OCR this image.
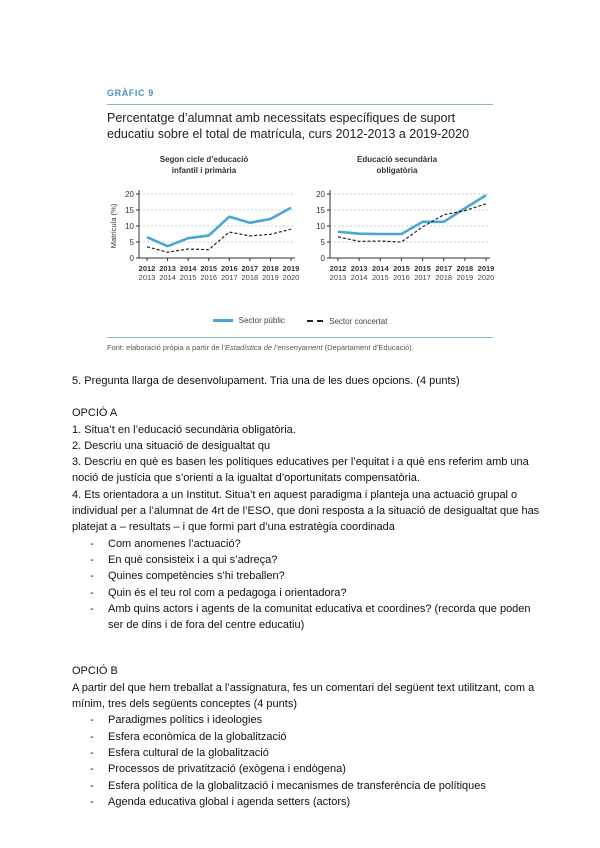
GRÀFIC 9
Percentatge d’alumnat amb necessitats específiques de suport educatiu sobre el total de matrícula, curs 2012-2013 a 2019-2020
Segon cicle d’educació
infantil i primària
0
5
10
15
20
2012
2013
2013
2014
2014
2015
2015
2016
2016
2017
2017
2018
2018
2019
2019
2020
Matrícula (%)
Educació secundària
obligatòria
0
5
10
15
20
2012
2013
2013
2014
2014
2015
2015
2016
2015
2017
2017
2018
2018
2019
2019
2020
Sector públic
	Sector concertat
Font: elaboració pròpia a partir de l’Estadística de l’ensenyament (Departament d’Educació).

5. Pregunta llarga de desenvolupament. Tria una de les dues opcions. (4 punts)

OPCIÓ A

1. Situa’t en l’educació secundària obligatòria.

2. Descriu una situació de desigualtat qu

3. Descriu en què es basen les polítiques educatives per l’equitat i a què ens referim amb una noció de justícia que s’orienti a la igualtat d’oportunitats compensatòria.

4. Ets orientadora a un Institut. Situa’t en aquest paradigma i planteja una actuació grupal o individual per a l’alumnat de 4rt de l’ESO, que doni resposta a la situació de desigualtat que has platejat a – resultats – i que formi part d’una estratègia coordinada

- Com anomenes l’actuació?
- En què consisteix i a qui s’adreça?
- Quines competències s’hi treballen?
- Quin és el teu rol com a pedagoga i orientadora?
- Amb quins actors i agents de la comunitat educativa et coordines? (recorda que poden ser de dins i de fora del centre educatiu)

OPCIÓ B

A partir del que hem treballat a l’assignatura, fes un comentari del següent text utilitzant, com a mínim, tres dels següents conceptes (4 punts)

- Paradigmes polítics i ideologies
- Esfera econòmica de la globalització
- Esfera cultural de la globalització
- Processos de privatització (exògena i endògena)
- Esfera política de la globalització i mecanismes de transferència de polítiques
- Agenda educativa global i agenda setters (actors)
